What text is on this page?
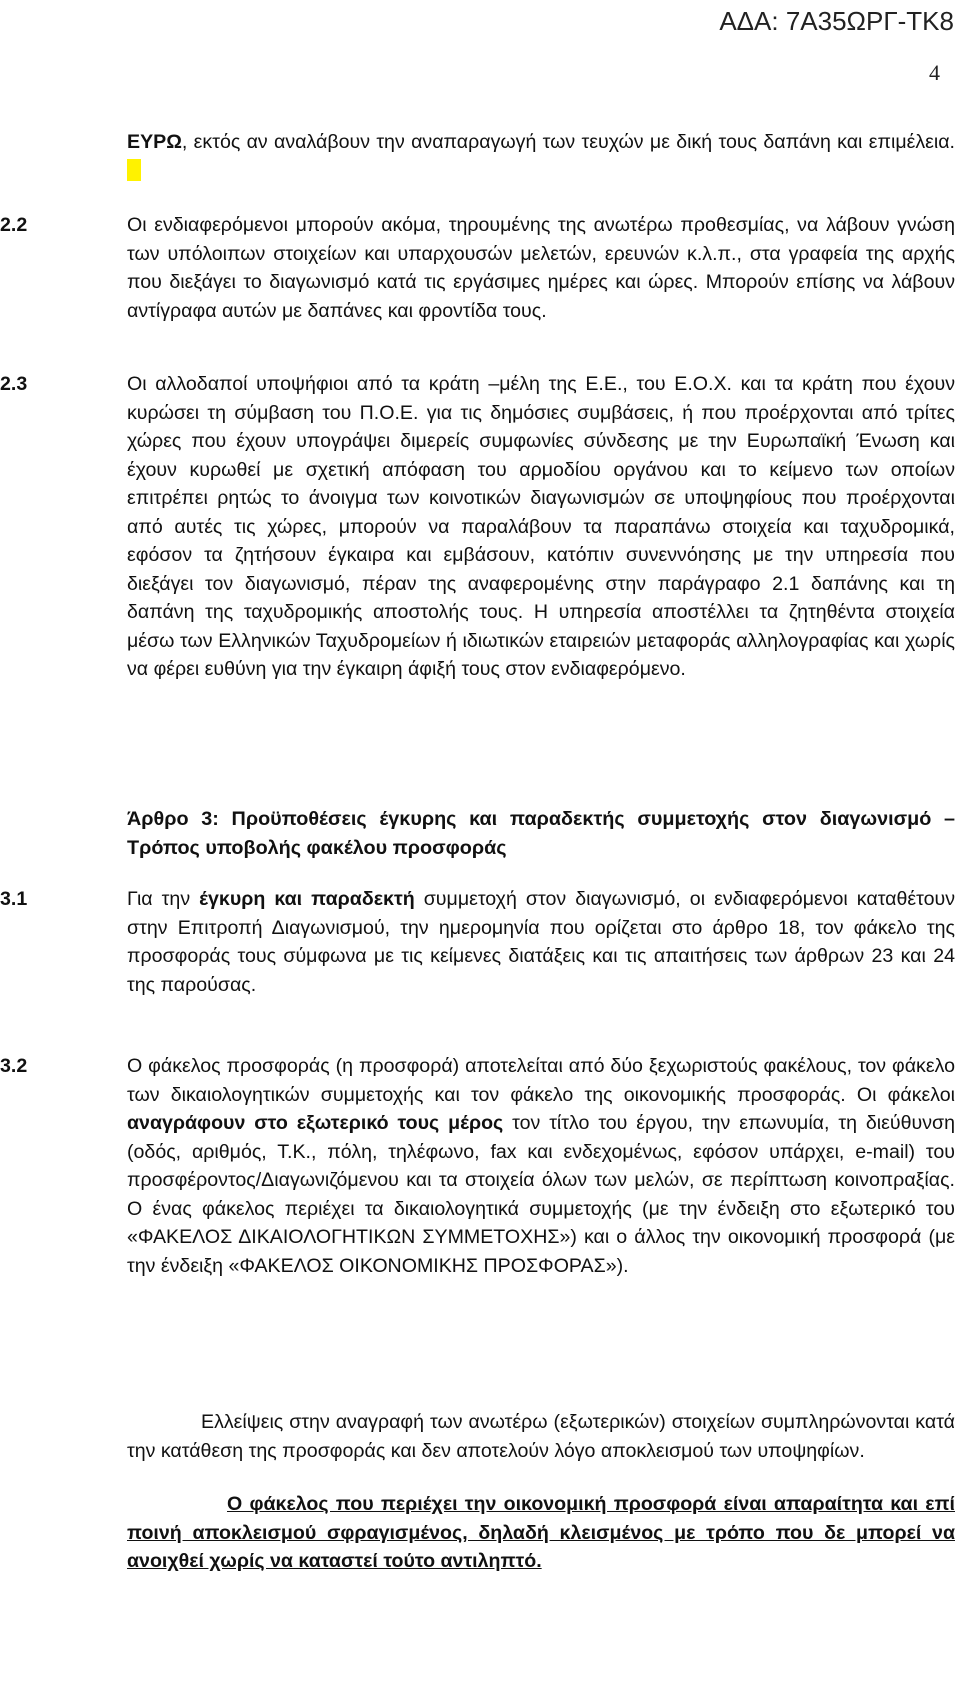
ΑΔΑ: 7Α35ΩΡΓ-ΤΚ8
4

ΕΥΡΩ, εκτός αν αναλάβουν την αναπαραγωγή των τευχών με δική τους δαπάνη και επιμέλεια.

2.2	Οι ενδιαφερόμενοι μπορούν ακόμα, τηρουμένης της ανωτέρω προθεσμίας, να λάβουν γνώση των υπόλοιπων στοιχείων και υπαρχουσών μελετών, ερευνών κ.λ.π., στα γραφεία της αρχής που διεξάγει το διαγωνισμό κατά τις εργάσιμες ημέρες και ώρες. Μπορούν επίσης να λάβουν αντίγραφα αυτών με δαπάνες και φροντίδα τους.

2.3	Οι αλλοδαποί υποψήφιοι από τα κράτη –μέλη της Ε.Ε., του Ε.Ο.Χ. και τα κράτη που έχουν κυρώσει τη σύμβαση του Π.Ο.Ε. για τις δημόσιες συμβάσεις, ή που προέρχονται από τρίτες χώρες που έχουν υπογράψει διμερείς συμφωνίες σύνδεσης με την Ευρωπαϊκή Ένωση και έχουν κυρωθεί με σχετική απόφαση του αρμοδίου οργάνου και το κείμενο των οποίων επιτρέπει ρητώς το άνοιγμα των κοινοτικών διαγωνισμών σε υποψηφίους που προέρχονται από αυτές τις χώρες, μπορούν να παραλάβουν τα παραπάνω στοιχεία και ταχυδρομικά, εφόσον τα ζητήσουν έγκαιρα και εμβάσουν, κατόπιν συνεννόησης με την υπηρεσία που διεξάγει τον διαγωνισμό, πέραν της αναφερομένης στην παράγραφο 2.1 δαπάνης και τη δαπάνη της ταχυδρομικής αποστολής τους. Η υπηρεσία αποστέλλει τα ζητηθέντα στοιχεία μέσω των Ελληνικών Ταχυδρομείων ή ιδιωτικών εταιρειών μεταφοράς αλληλογραφίας και χωρίς να φέρει ευθύνη για την έγκαιρη άφιξή τους στον ενδιαφερόμενο.

Άρθρο 3: Προϋποθέσεις έγκυρης και παραδεκτής συμμετοχής στον διαγωνισμό – Τρόπος υποβολής φακέλου προσφοράς

3.1	Για την έγκυρη και παραδεκτή συμμετοχή στον διαγωνισμό, οι ενδιαφερόμενοι καταθέτουν στην Επιτροπή Διαγωνισμού, την ημερομηνία που ορίζεται στο άρθρο 18, τον φάκελο της προσφοράς τους σύμφωνα με τις κείμενες διατάξεις και τις απαιτήσεις των άρθρων 23 και 24 της παρούσας.

3.2	Ο φάκελος προσφοράς (η προσφορά) αποτελείται από δύο ξεχωριστούς φακέλους, τον φάκελο των δικαιολογητικών συμμετοχής και τον φάκελο της οικονομικής προσφοράς. Οι φάκελοι αναγράφουν στο εξωτερικό τους μέρος τον τίτλο του έργου, την επωνυμία, τη διεύθυνση (οδός, αριθμός, Τ.Κ., πόλη, τηλέφωνο, fax και ενδεχομένως, εφόσον υπάρχει, e-mail) του προσφέροντος/Διαγωνιζόμενου και τα στοιχεία όλων των μελών, σε περίπτωση κοινοπραξίας. Ο ένας φάκελος περιέχει τα δικαιολογητικά συμμετοχής (με την ένδειξη στο εξωτερικό του «ΦΑΚΕΛΟΣ ΔΙΚΑΙΟΛΟΓΗΤΙΚΩΝ ΣΥΜΜΕΤΟΧΗΣ») και ο άλλος την οικονομική προσφορά (με την ένδειξη «ΦΑΚΕΛΟΣ ΟΙΚΟΝΟΜΙΚΗΣ ΠΡΟΣΦΟΡΑΣ»).

Ελλείψεις στην αναγραφή των ανωτέρω (εξωτερικών) στοιχείων συμπληρώνονται κατά την κατάθεση της προσφοράς και δεν αποτελούν λόγο αποκλεισμού των υποψηφίων.

Ο φάκελος που περιέχει την οικονομική προσφορά είναι απαραίτητα και επί ποινή αποκλεισμού σφραγισμένος, δηλαδή κλεισμένος με τρόπο που δε μπορεί να ανοιχθεί χωρίς να καταστεί τούτο αντιληπτό.
